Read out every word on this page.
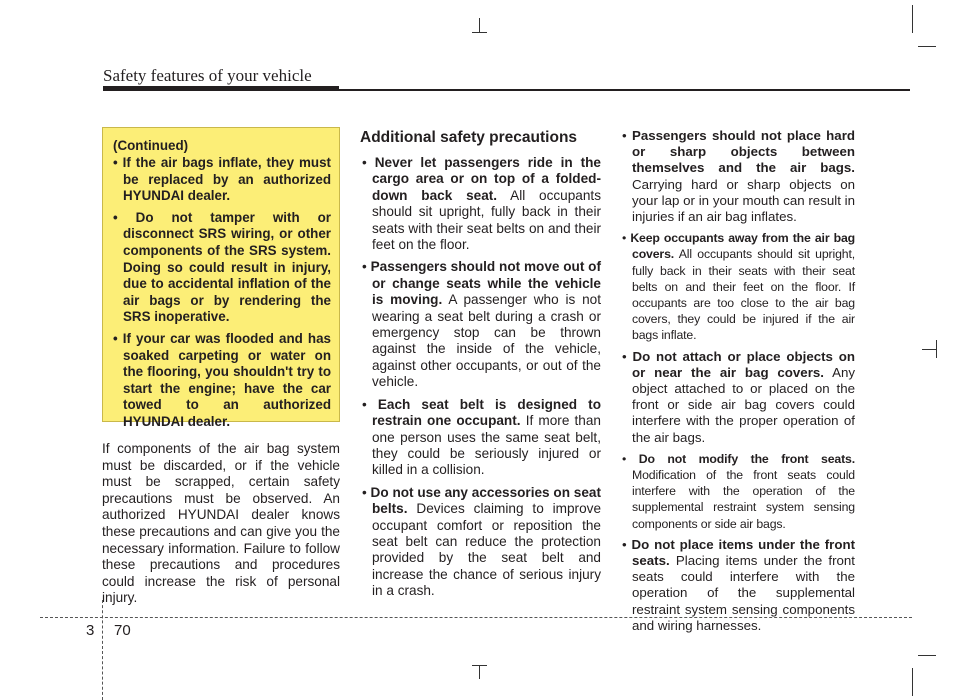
Safety features of your vehicle
(Continued)
• If the air bags inflate, they must be replaced by an authorized HYUNDAI dealer.
• Do not tamper with or disconnect SRS wiring, or other components of the SRS system. Doing so could result in injury, due to accidental inflation of the air bags or by rendering the SRS inoperative.
• If your car was flooded and has soaked carpeting or water on the flooring, you shouldn't try to start the engine; have the car towed to an authorized HYUNDAI dealer.
If components of the air bag system must be discarded, or if the vehicle must be scrapped, certain safety precautions must be observed. An authorized HYUNDAI dealer knows these precautions and can give you the necessary information. Failure to follow these precautions and procedures could increase the risk of personal injury.
Additional safety precautions
• Never let passengers ride in the cargo area or on top of a folded-down back seat. All occupants should sit upright, fully back in their seats with their seat belts on and their feet on the floor.
• Passengers should not move out of or change seats while the vehicle is moving. A passenger who is not wearing a seat belt during a crash or emergency stop can be thrown against the inside of the vehicle, against other occupants, or out of the vehicle.
• Each seat belt is designed to restrain one occupant. If more than one person uses the same seat belt, they could be seriously injured or killed in a collision.
• Do not use any accessories on seat belts. Devices claiming to improve occupant comfort or reposition the seat belt can reduce the protection provided by the seat belt and increase the chance of serious injury in a crash.
• Passengers should not place hard or sharp objects between themselves and the air bags. Carrying hard or sharp objects on your lap or in your mouth can result in injuries if an air bag inflates.
• Keep occupants away from the air bag covers. All occupants should sit upright, fully back in their seats with their seat belts on and their feet on the floor. If occupants are too close to the air bag covers, they could be injured if the air bags inflate.
• Do not attach or place objects on or near the air bag covers. Any object attached to or placed on the front or side air bag covers could interfere with the proper operation of the air bags.
• Do not modify the front seats. Modification of the front seats could interfere with the operation of the supplemental restraint system sensing components or side air bags.
• Do not place items under the front seats. Placing items under the front seats could interfere with the operation of the supplemental restraint system sensing components and wiring harnesses.
3 70
